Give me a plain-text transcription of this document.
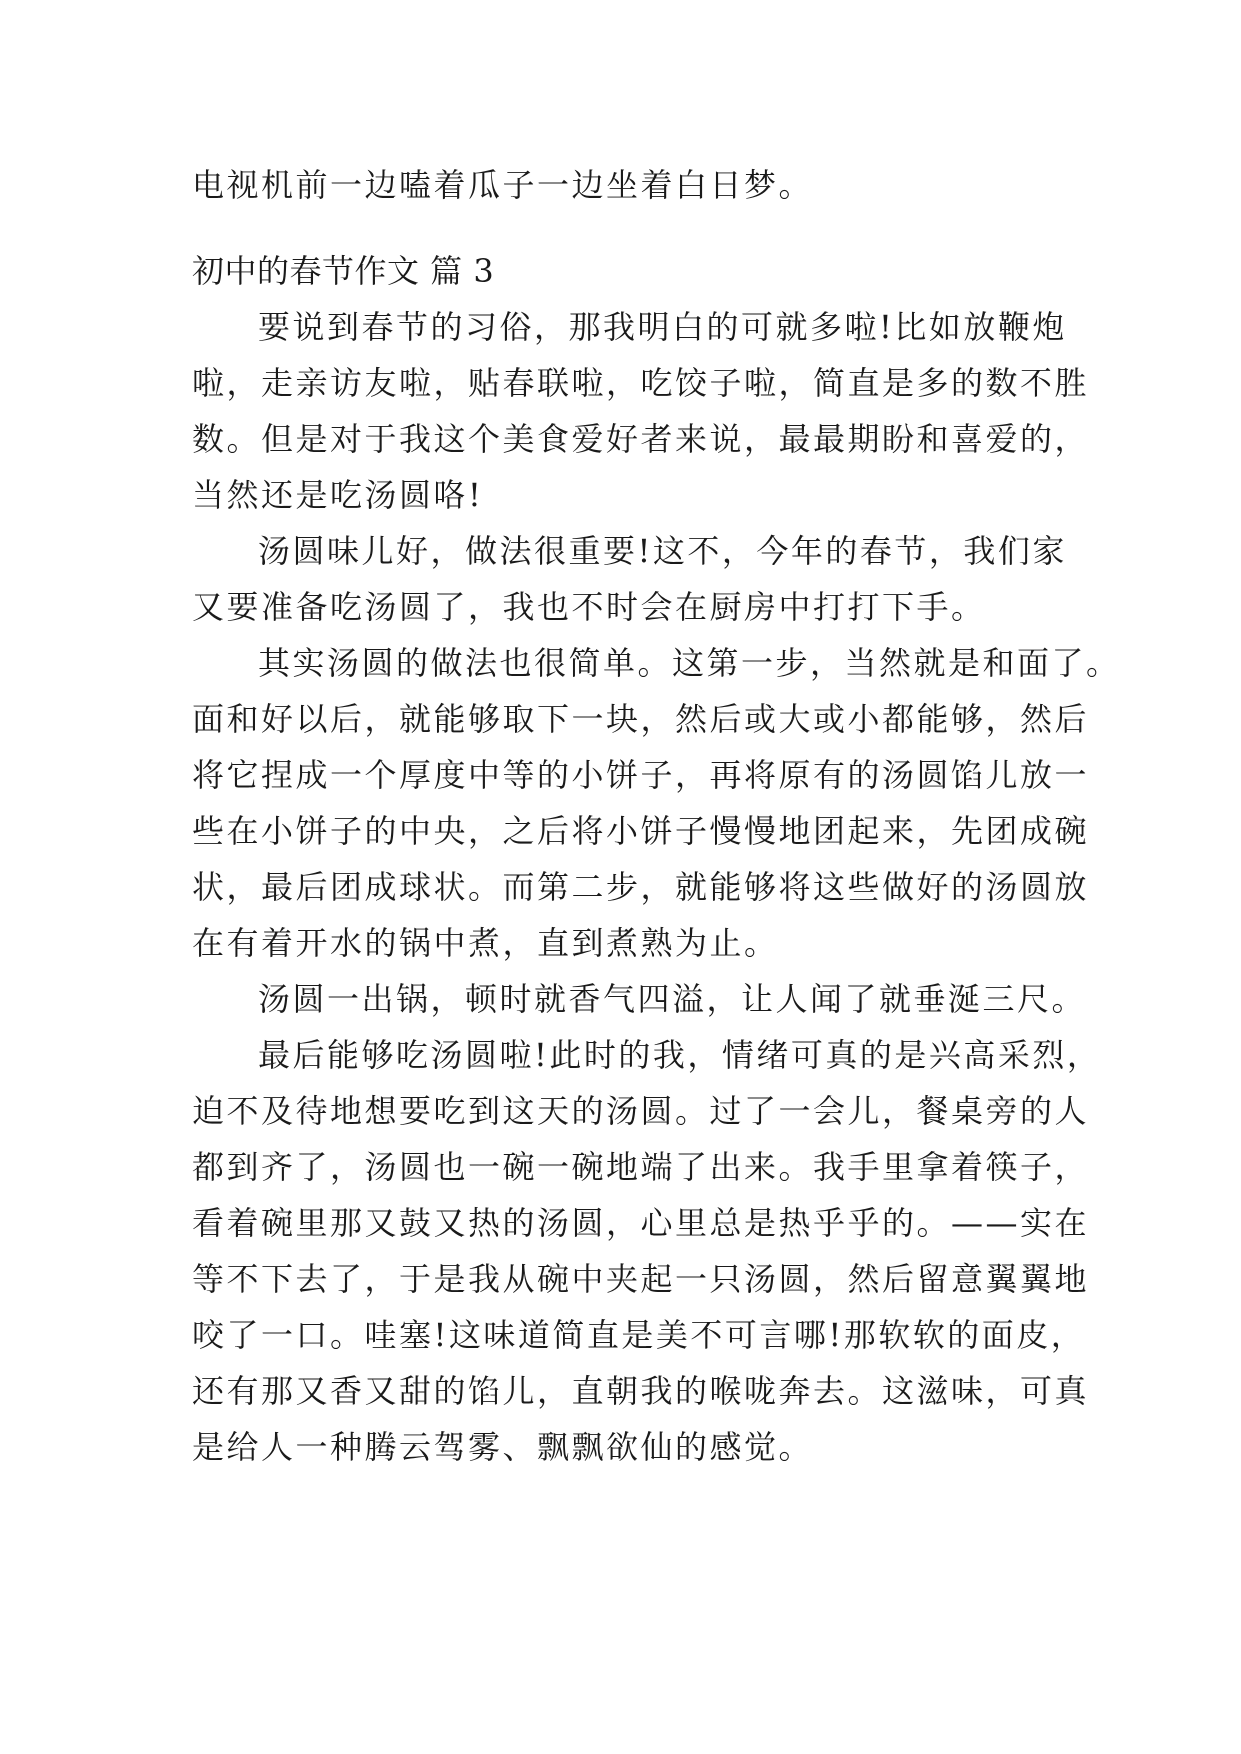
电视机前一边嗑着瓜子一边坐着白日梦。
初中的春节作文 篇 3
要说到春节的习俗，那我明白的可就多啦!比如放鞭炮
啦，走亲访友啦，贴春联啦，吃饺子啦，简直是多的数不胜
数。但是对于我这个美食爱好者来说，最最期盼和喜爱的，
当然还是吃汤圆咯!
汤圆味儿好，做法很重要!这不，今年的春节，我们家
又要准备吃汤圆了，我也不时会在厨房中打打下手。
其实汤圆的做法也很简单。这第一步，当然就是和面了。
面和好以后，就能够取下一块，然后或大或小都能够，然后
将它捏成一个厚度中等的小饼子，再将原有的汤圆馅儿放一
些在小饼子的中央，之后将小饼子慢慢地团起来，先团成碗
状，最后团成球状。而第二步，就能够将这些做好的汤圆放
在有着开水的锅中煮，直到煮熟为止。
汤圆一出锅，顿时就香气四溢，让人闻了就垂涎三尺。
最后能够吃汤圆啦!此时的我，情绪可真的是兴高采烈，
迫不及待地想要吃到这天的汤圆。过了一会儿，餐桌旁的人
都到齐了，汤圆也一碗一碗地端了出来。我手里拿着筷子，
看着碗里那又鼓又热的汤圆，心里总是热乎乎的。——实在
等不下去了，于是我从碗中夹起一只汤圆，然后留意翼翼地
咬了一口。哇塞!这味道简直是美不可言哪!那软软的面皮，
还有那又香又甜的馅儿，直朝我的喉咙奔去。这滋味，可真
是给人一种腾云驾雾、飘飘欲仙的感觉。
